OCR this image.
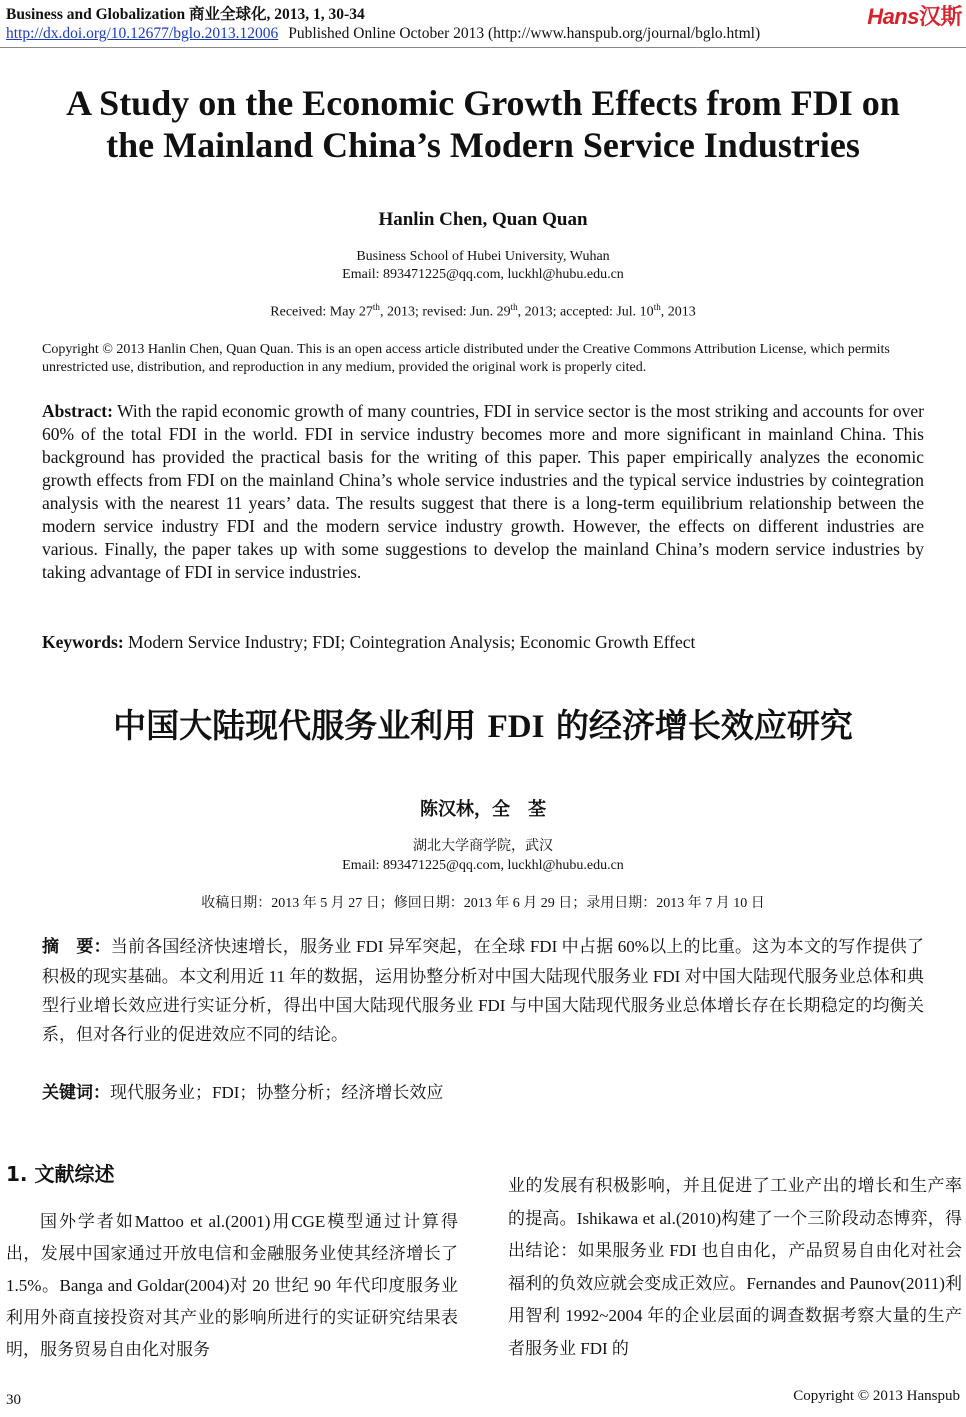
Business and Globalization 商业全球化, 2013, 1, 30-34	Hans汉斯
http://dx.doi.org/10.12677/bglo.2013.12006 Published Online October 2013 (http://www.hanspub.org/journal/bglo.html)
A Study on the Economic Growth Effects from FDI on
the Mainland China’s Modern Service Industries
Hanlin Chen, Quan Quan
Business School of Hubei University, Wuhan
Email: 893471225@qq.com, luckhl@hubu.edu.cn
Received: May 27th, 2013; revised: Jun. 29th, 2013; accepted: Jul. 10th, 2013
Copyright © 2013 Hanlin Chen, Quan Quan. This is an open access article distributed under the Creative Commons Attribution License, which permits unrestricted use, distribution, and reproduction in any medium, provided the original work is properly cited.
Abstract: With the rapid economic growth of many countries, FDI in service sector is the most striking and accounts for over 60% of the total FDI in the world. FDI in service industry becomes more and more significant in mainland China. This background has provided the practical basis for the writing of this paper. This paper empirically analyzes the economic growth effects from FDI on the mainland China’s whole service industries and the typical service industries by cointegration analysis with the nearest 11 years’ data. The results suggest that there is a long-term equilibrium relationship between the modern service industry FDI and the modern service industry growth. However, the effects on different industries are various. Finally, the paper takes up with some suggestions to develop the mainland China’s modern service industries by taking advantage of FDI in service industries.
Keywords: Modern Service Industry; FDI; Cointegration Analysis; Economic Growth Effect
中国大陆现代服务业利用 FDI 的经济增长效应研究
陈汉林，全　荃
湖北大学商学院，武汉
Email: 893471225@qq.com, luckhl@hubu.edu.cn
收稿日期：2013 年 5 月 27 日；修回日期：2013 年 6 月 29 日；录用日期：2013 年 7 月 10 日
摘　要：当前各国经济快速增长，服务业 FDI 异军突起，在全球 FDI 中占据 60%以上的比重。这为本文的写作提供了积极的现实基础。本文利用近 11 年的数据，运用协整分析对中国大陆现代服务业 FDI 对中国大陆现代服务业总体和典型行业增长效应进行实证分析，得出中国大陆现代服务业 FDI 与中国大陆现代服务业总体增长存在长期稳定的均衡关系，但对各行业的促进效应不同的结论。
关键词：现代服务业；FDI；协整分析；经济增长效应
1. 文献综述
国外学者如Mattoo et al.(2001)用CGE模型通过计算得出，发展中国家通过开放电信和金融服务业使其经济增长了 1.5%。Banga and Goldar(2004)对 20 世纪 90 年代印度服务业利用外商直接投资对其产业的影响所进行的实证研究结果表明，服务贸易自由化对服务
业的发展有积极影响，并且促进了工业产出的增长和生产率的提高。Ishikawa et al.(2010)构建了一个三阶段动态博弈，得出结论：如果服务业 FDI 也自由化，产品贸易自由化对社会福利的负效应就会变成正效应。Fernandes and Paunov(2011)利用智利 1992~2004 年的企业层面的调查数据考察大量的生产者服务业 FDI 的
30	Copyright © 2013 Hanspub
